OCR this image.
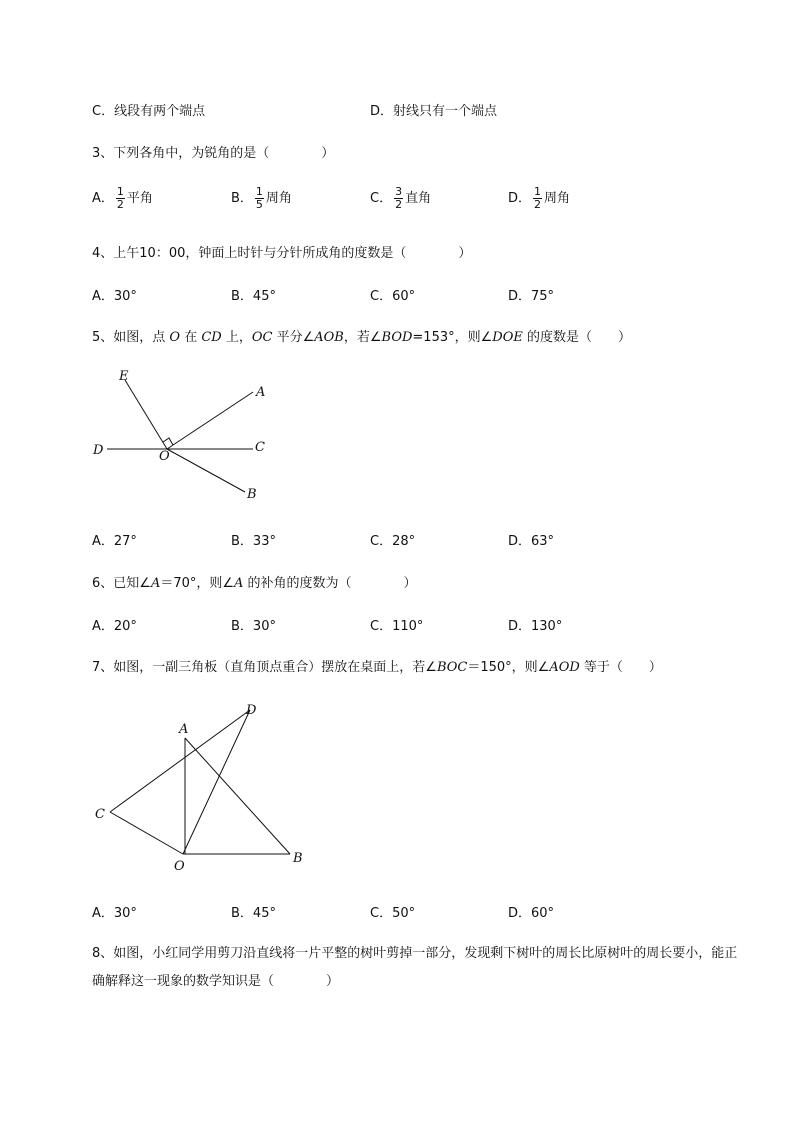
C．线段有两个端点	D．射线只有一个端点
3、下列各角中，为锐角的是（　　　　）
A． $\frac{1}{2}$ 平角	B． $\frac{1}{5}$ 周角	C． $\frac{3}{2}$ 直角	D． $\frac{1}{2}$ 周角
4、上午10：00，钟面上时针与分针所成角的度数是（　　　　）
A．30°	B．45°	C．60°	D．75°
5、如图，点 O 在 CD 上，OC 平分∠AOB，若∠BOD=153°，则∠DOE 的度数是（　　）
E
A
D	O
C
B
A．27°	B．33°	C．28°	D．63°
6、已知∠A＝70°，则∠A 的补角的度数为（　　　　）
A．20°	B．30°	C．110°	D．130°
7、如图，一副三角板（直角顶点重合）摆放在桌面上，若∠BOC＝150°，则∠AOD 等于（　　）
A
D
C
O
B
A．30°	B．45°	C．50°	D．60°
8、如图，小红同学用剪刀沿直线将一片平整的树叶剪掉一部分，发现剩下树叶的周长比原树叶的周长要小，能正确解释这一现象的数学知识是（　　　　）
